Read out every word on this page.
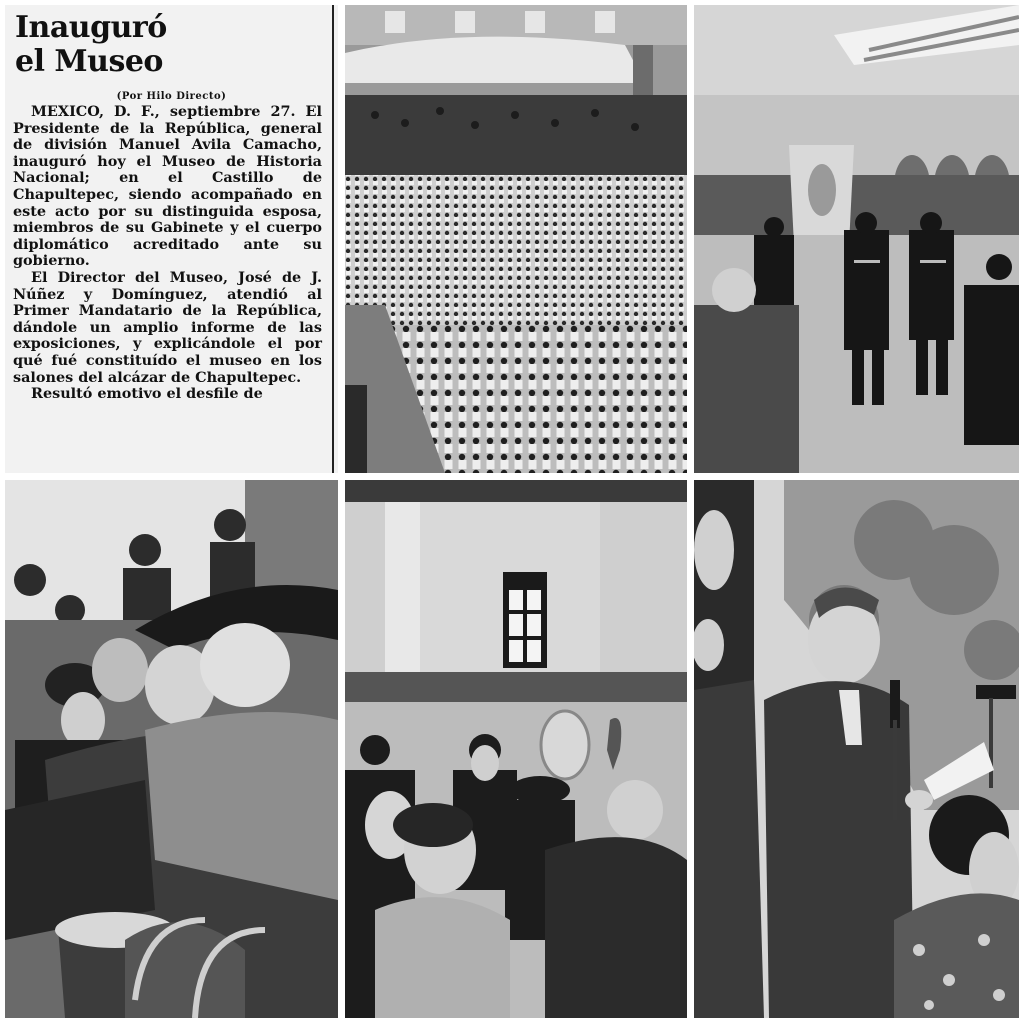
Inauguró
el Museo
(Por Hilo Directo)

MEXICO, D. F., septiembre 27. El Presidente de la República, general de división Manuel Avila Camacho, inauguró hoy el Museo de Historia Nacional; en el Castillo de Chapultepec, siendo acompañado en este acto por su distinguida esposa, miembros de su Gabinete y el cuerpo diplomático acreditado ante su gobierno.

El Director del Museo, José de J. Núñez y Domínguez, atendió al Primer Mandatario de la República, dándole un amplio informe de las exposiciones, y explicándole el por qué fué constituído el museo en los salones del alcázar de Chapultepec.

Resultó emotivo el desfile de
